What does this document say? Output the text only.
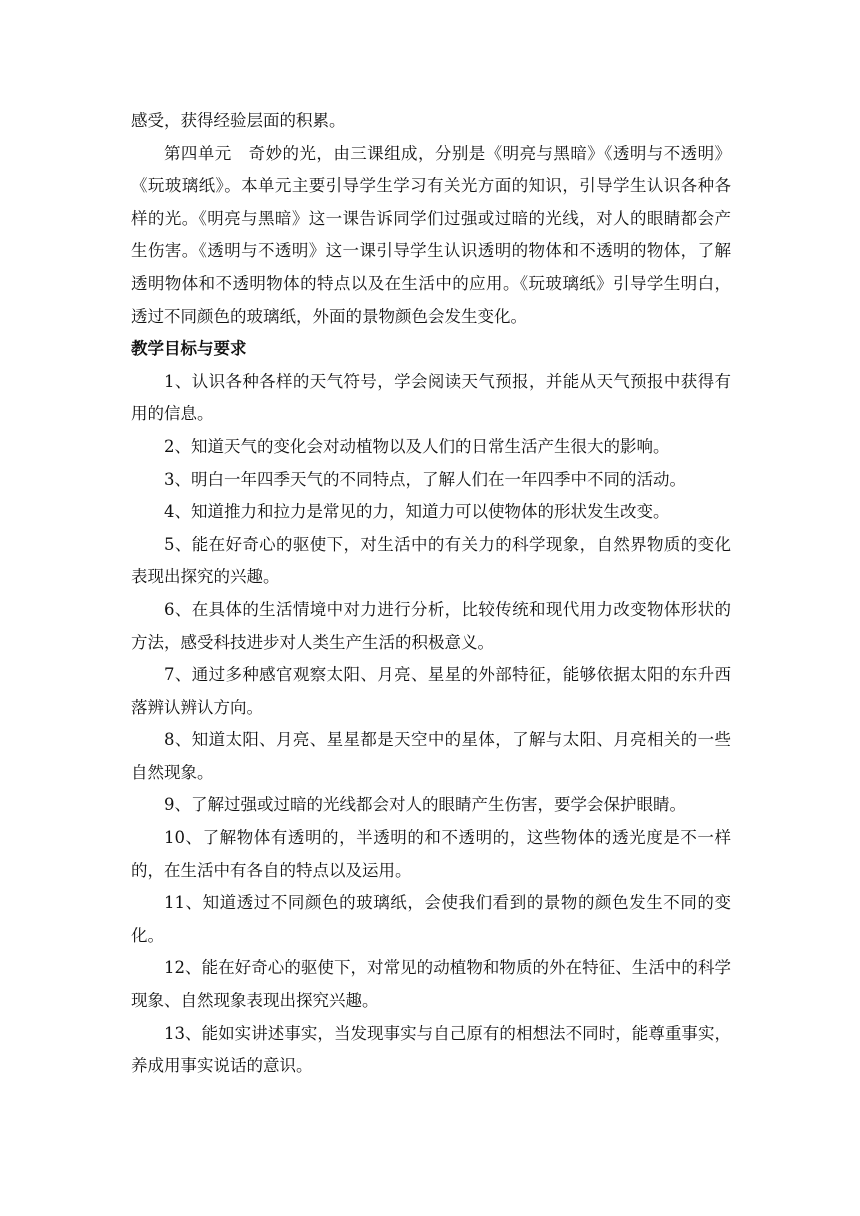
感受，获得经验层面的积累。

第四单元　奇妙的光，由三课组成，分别是《明亮与黑暗》《透明与不透明》《玩玻璃纸》。本单元主要引导学生学习有关光方面的知识，引导学生认识各种各样的光。《明亮与黑暗》这一课告诉同学们过强或过暗的光线，对人的眼睛都会产生伤害。《透明与不透明》这一课引导学生认识透明的物体和不透明的物体，了解透明物体和不透明物体的特点以及在生活中的应用。《玩玻璃纸》引导学生明白，透过不同颜色的玻璃纸，外面的景物颜色会发生变化。

教学目标与要求

1、认识各种各样的天气符号，学会阅读天气预报，并能从天气预报中获得有用的信息。

2、知道天气的变化会对动植物以及人们的日常生活产生很大的影响。

3、明白一年四季天气的不同特点，了解人们在一年四季中不同的活动。

4、知道推力和拉力是常见的力，知道力可以使物体的形状发生改变。

5、能在好奇心的驱使下，对生活中的有关力的科学现象，自然界物质的变化表现出探究的兴趣。

6、在具体的生活情境中对力进行分析，比较传统和现代用力改变物体形状的方法，感受科技进步对人类生产生活的积极意义。

7、通过多种感官观察太阳、月亮、星星的外部特征，能够依据太阳的东升西落辨认辨认方向。

8、知道太阳、月亮、星星都是天空中的星体，了解与太阳、月亮相关的一些自然现象。

9、了解过强或过暗的光线都会对人的眼睛产生伤害，要学会保护眼睛。

10、了解物体有透明的，半透明的和不透明的，这些物体的透光度是不一样的，在生活中有各自的特点以及运用。

11、知道透过不同颜色的玻璃纸，会使我们看到的景物的颜色发生不同的变化。

12、能在好奇心的驱使下，对常见的动植物和物质的外在特征、生活中的科学现象、自然现象表现出探究兴趣。

13、能如实讲述事实，当发现事实与自己原有的相想法不同时，能尊重事实，养成用事实说话的意识。
